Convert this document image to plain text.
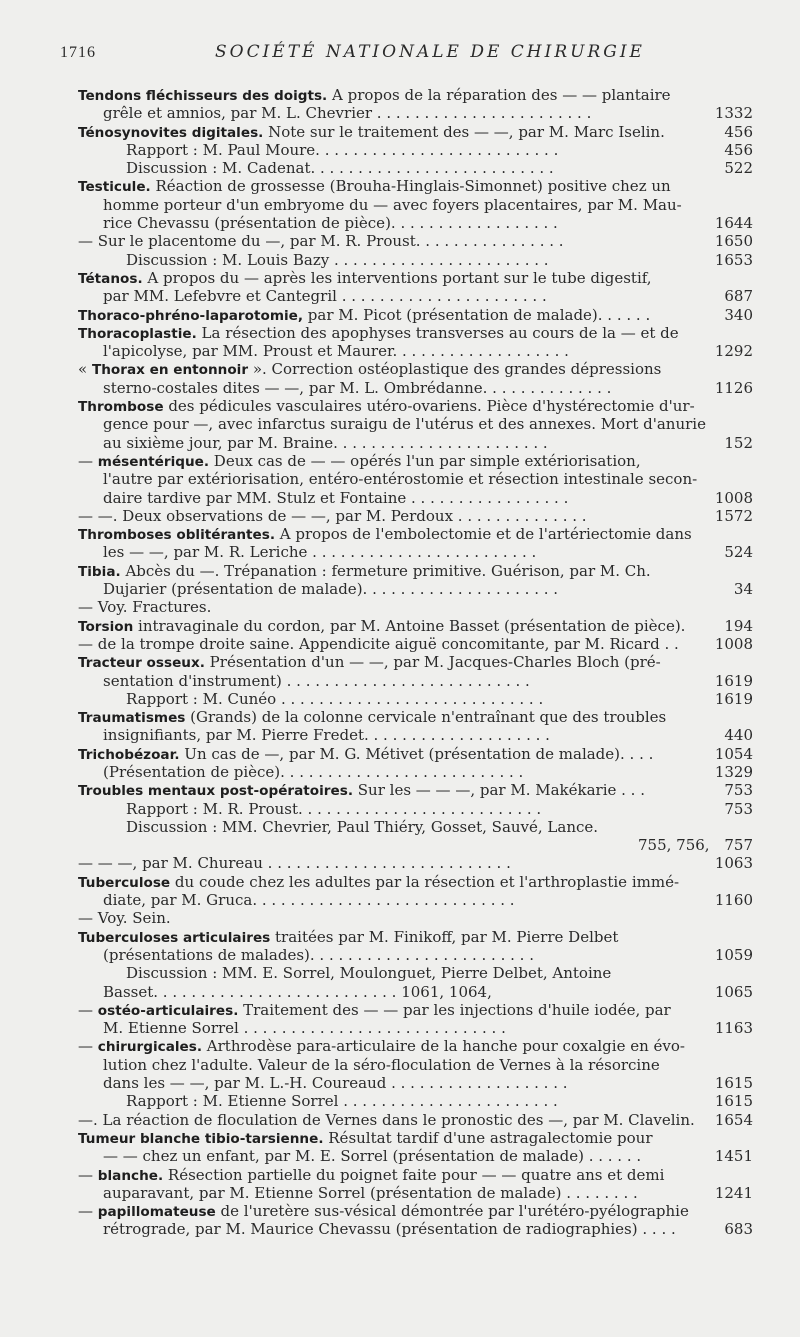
1716	SOCIÉTÉ NATIONALE DE CHIRURGIE
Tendons fléchisseurs des doigts. A propos de la réparation des — — plantaire
grêle et amnios, par M. L. Chevrier . . . . . . . . . . . . . . . . . . . . . . .	1332
Ténosynovites digitales. Note sur le traitement des — —, par M. Marc Iselin.	456
Rapport : M. Paul Moure. . . . . . . . . . . . . . . . . . . . . . . . . .	456
Discussion : M. Cadenat. . . . . . . . . . . . . . . . . . . . . . . . . .	522
Testicule. Réaction de grossesse (Brouha-Hinglais-Simonnet) positive chez un
homme porteur d'un embryome du — avec foyers placentaires, par M. Mau-
rice Chevassu (présentation de pièce). . . . . . . . . . . . . . . . . .	1644
— Sur le placentome du —, par M. R. Proust. . . . . . . . . . . . . . . .	1650
Discussion : M. Louis Bazy . . . . . . . . . . . . . . . . . . . . . . .	1653
Tétanos. A propos du — après les interventions portant sur le tube digestif,
par MM. Lefebvre et Cantegril . . . . . . . . . . . . . . . . . . . . . .	687
Thoraco-phréno-laparotomie, par M. Picot (présentation de malade). . . . . .	340
Thoracoplastie. La résection des apophyses transverses au cours de la — et de
l'apicolyse, par MM. Proust et Maurer. . . . . . . . . . . . . . . . . . .	1292
« Thorax en entonnoir ». Correction ostéoplastique des grandes dépressions
sterno-costales dites — —, par M. L. Ombrédanne. . . . . . . . . . . . . .	1126
Thrombose des pédicules vasculaires utéro-ovariens. Pièce d'hystérectomie d'ur-
gence pour —, avec infarctus suraigu de l'utérus et des annexes. Mort d'anurie
au sixième jour, par M. Braine. . . . . . . . . . . . . . . . . . . . . . .	152
— mésentérique. Deux cas de — — opérés l'un par simple extériorisation,
l'autre par extériorisation, entéro-entérostomie et résection intestinale secon-
daire tardive par MM. Stulz et Fontaine . . . . . . . . . . . . . . . . .	1008
— —. Deux observations de — —, par M. Perdoux . . . . . . . . . . . . . .	1572
Thromboses oblitérantes. A propos de l'embolectomie et de l'artériectomie dans
les — —, par M. R. Leriche . . . . . . . . . . . . . . . . . . . . . . . .	524
Tibia. Abcès du —. Trépanation : fermeture primitive. Guérison, par M. Ch.
Dujarier (présentation de malade). . . . . . . . . . . . . . . . . . . . .	34
— Voy. Fractures.
Torsion intravaginale du cordon, par M. Antoine Basset (présentation de pièce).	194
— de la trompe droite saine. Appendicite aiguë concomitante, par M. Ricard . . 1008
Tracteur osseux. Présentation d'un — —, par M. Jacques-Charles Bloch (pré-
sentation d'instrument) . . . . . . . . . . . . . . . . . . . . . . . . . .	1619
Rapport : M. Cunéo . . . . . . . . . . . . . . . . . . . . . . . . . . . .	1619
Traumatismes (Grands) de la colonne cervicale n'entraînant que des troubles
insignifiants, par M. Pierre Fredet. . . . . . . . . . . . . . . . . . . .	440
Trichobézoar. Un cas de —, par M. G. Métivet (présentation de malade). . . .	1054
(Présentation de pièce). . . . . . . . . . . . . . . . . . . . . . . . . .	1329
Troubles mentaux post-opératoires. Sur les — — —, par M. Makékarie . . .	753
Rapport : M. R. Proust. . . . . . . . . . . . . . . . . . . . . . . . . .	753
Discussion : MM. Chevrier, Paul Thiéry, Gosset, Sauvé, Lance.
755, 756, 757
— — —, par M. Chureau . . . . . . . . . . . . . . . . . . . . . . . . . .	1063
Tuberculose du coude chez les adultes par la résection et l'arthroplastie immé-
diate, par M. Gruca. . . . . . . . . . . . . . . . . . . . . . . . . . . .	1160
— Voy. Sein.
Tuberculoses articulaires traitées par M. Finikoff, par M. Pierre Delbet
(présentations de malades). . . . . . . . . . . . . . . . . . . . . . . .	1059
Discussion : MM. E. Sorrel, Moulonguet, Pierre Delbet, Antoine
Basset. . . . . . . . . . . . . . . . . . . . . . . . . . 1061, 1064,	1065
— ostéo-articulaires. Traitement des — — par les injections d'huile iodée, par
M. Etienne Sorrel . . . . . . . . . . . . . . . . . . . . . . . . . . . .	1163
— chirurgicales. Arthrodèse para-articulaire de la hanche pour coxalgie en évo-
lution chez l'adulte. Valeur de la séro-floculation de Vernes à la résorcine
dans les — —, par M. L.-H. Coureaud . . . . . . . . . . . . . . . . . . .	1615
Rapport : M. Etienne Sorrel . . . . . . . . . . . . . . . . . . . . . . .	1615
—. La réaction de floculation de Vernes dans le pronostic des —, par M. Clavelin. 1654
Tumeur blanche tibio-tarsienne. Résultat tardif d'une astragalectomie pour
— — chez un enfant, par M. E. Sorrel (présentation de malade) . . . . . .	1451
— blanche. Résection partielle du poignet faite pour — — quatre ans et demi
auparavant, par M. Etienne Sorrel (présentation de malade) . . . . . . . .	1241
— papillomateuse de l'uretère sus-vésical démontrée par l'urétéro-pyélographie
rétrograde, par M. Maurice Chevassu (présentation de radiographies) . . . .	683
